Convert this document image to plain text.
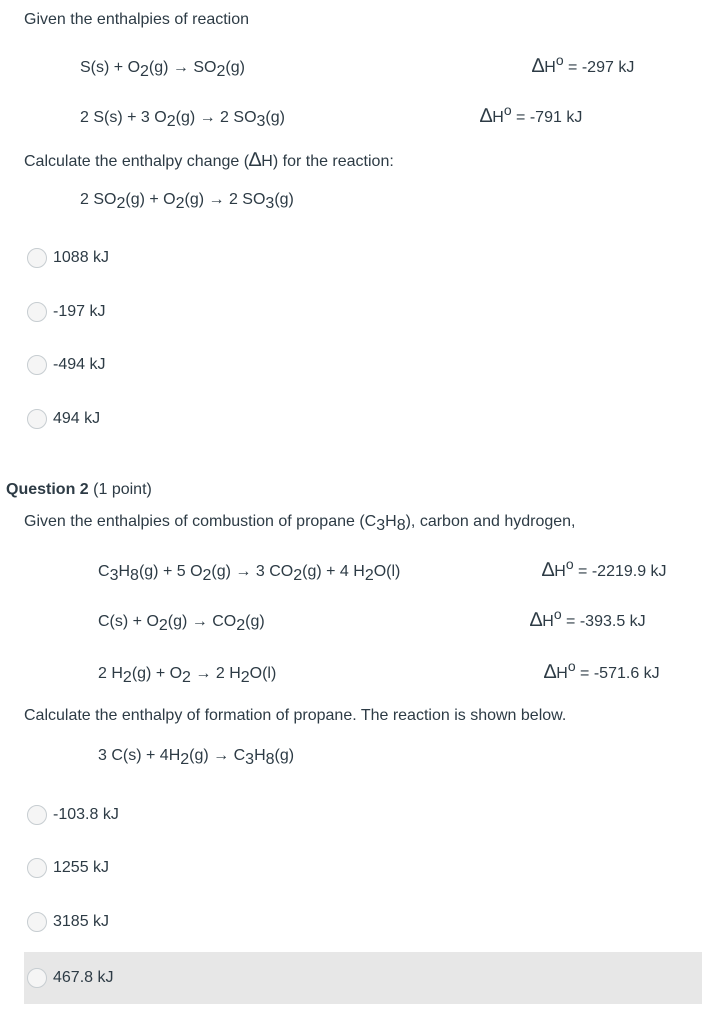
Given the enthalpies of reaction
$S(s) + O_2(g) \to SO_2(g)$	$\Delta H^o = -297$ kJ
2 S(s) + 3 $O_2(g) \to 2$ $SO_3(g)$	$\Delta H^o = -791$ kJ
Calculate the enthalpy change (∆H) for the reaction:
2 $SO_2(g) + O_2(g) \to 2$ $SO_3(g)$
1088 kJ
-197 kJ
-494 kJ
494 kJ
Question 2 (1 point)
Given the enthalpies of combustion of propane $(C_3H_8)$, carbon and hydrogen,
$C_3H_8(g) + 5$ $O_2(g) \to 3$ $CO_2(g) + 4$ $H_2O(l)$	$\Delta H^o = -2219.9$ kJ
$C(s) + O_2(g) \to CO_2(g)$	$\Delta H^o = -393.5$ kJ
2 $H_2(g) + O_2 \to 2$ $H_2O(l)$	$\Delta H^o = -571.6$ kJ
Calculate the enthalpy of formation of propane. The reaction is shown below.
3 $C(s) + 4H_2(g) \to C_3H_8(g)$
-103.8 kJ
1255 kJ
3185 kJ
467.8 kJ
